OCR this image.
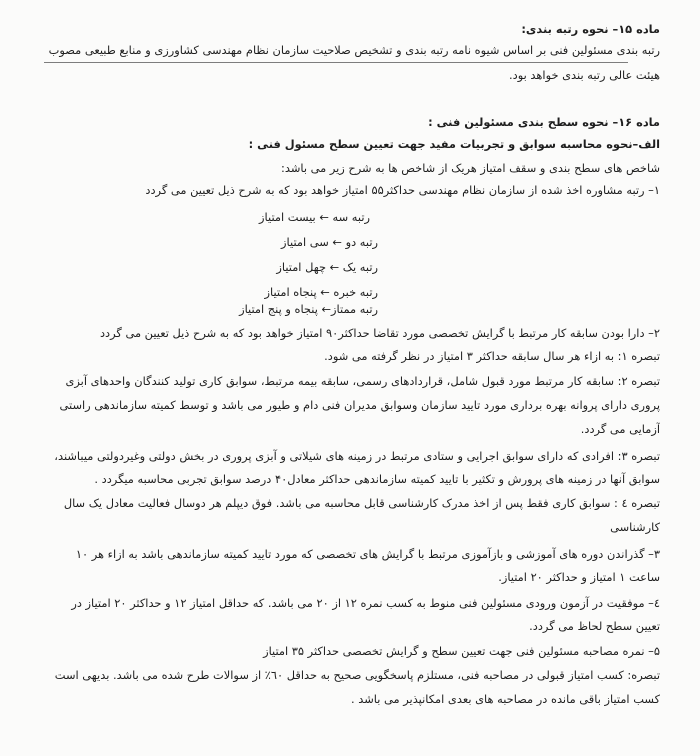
ماده ۱۵– نحوه رتبه بندی:
رتبه بندی مسئولین فنی بر اساس شیوه نامه رتبه بندی و تشخیص صلاحیت سازمان نظام مهندسی کشاورزی و منابع طبیعی مصوب
هیئت عالی رتبه بندی خواهد بود.
ماده ۱۶– نحوه سطح بندی مسئولین فنی :
الف–نحوه محاسبه سوابق و تجربیات مفید جهت تعیین سطح مسئول فنی :
شاخص های سطح بندی و سقف امتیاز هریک از شاخص ها به شرح زیر می باشد:
۱– رتبه مشاوره اخذ شده از سازمان نظام مهندسی حداکثر۵۵ امتیاز خواهد بود که به شرح ذیل تعیین می گردد
رتبه سه ← بیست امتیاز
رتبه دو ← سی امتیاز
رتبه یک ← چهل امتیاز
رتبه خبره ← پنجاه امتیاز
رتبه ممتاز← پنجاه و پنج امتیاز
۲– دارا بودن سابقه کار مرتبط با گرایش تخصصی مورد تقاضا حداکثر۹۰ امتیاز خواهد بود که به شرح ذیل تعیین می گردد
تبصره ۱: به ازاء هر سال سابقه حداکثر ۳ امتیاز در نظر گرفته می شود.
تبصره ۲: سابقه کار مرتبط مورد قبول شامل، قراردادهای رسمی، سابقه بیمه مرتبط، سوابق کاری تولید کنندگان واحدهای آبزی
پروری دارای پروانه بهره برداری مورد تایید سازمان وسوابق مدیران فنی دام و طیور می باشد و توسط کمیته سازماندهی راستی
آزمایی می گردد.
تبصره ۳: افرادی که دارای سوابق اجرایی و ستادی مرتبط در زمینه های شیلاتی و آبزی پروری در بخش دولتی وغیردولتی میباشند،
سوابق آنها در زمینه های پرورش و تکثیر با تایید کمیته سازماندهی حداکثر معادل۴۰ درصد سوابق تجربی محاسبه میگردد .
تبصره ٤ : سوابق کاری فقط پس از اخذ مدرک کارشناسی قابل محاسبه می باشد. فوق دیپلم هر دوسال فعالیت معادل یک سال
کارشناسی
۳– گذراندن دوره های آموزشی و بازآموزی مرتبط با گرایش های تخصصی که مورد تایید کمیته سازماندهی باشد به ازاء هر ۱۰
ساعت ۱ امتیاز و حداکثر ۲۰ امتیاز.
٤– موفقیت در آزمون ورودی مسئولین فنی منوط به کسب نمره ۱۲ از ۲۰ می باشد. که حداقل امتیاز ۱۲ و حداکثر ۲۰ امتیاز در
تعیین سطح لحاظ می گردد.
۵– نمره مصاحبه مسئولین فنی جهت تعیین سطح و گرایش تخصصی حداکثر ۳۵ امتیاز
تبصره: کسب امتیاز قبولی در مصاحبه فنی، مستلزم پاسخگویی صحیح به حداقل ٦۰٪ از سوالات طرح شده می باشد. بدیهی است
کسب امتیاز باقی مانده در مصاحبه های بعدی امکانپذیر می باشد .
